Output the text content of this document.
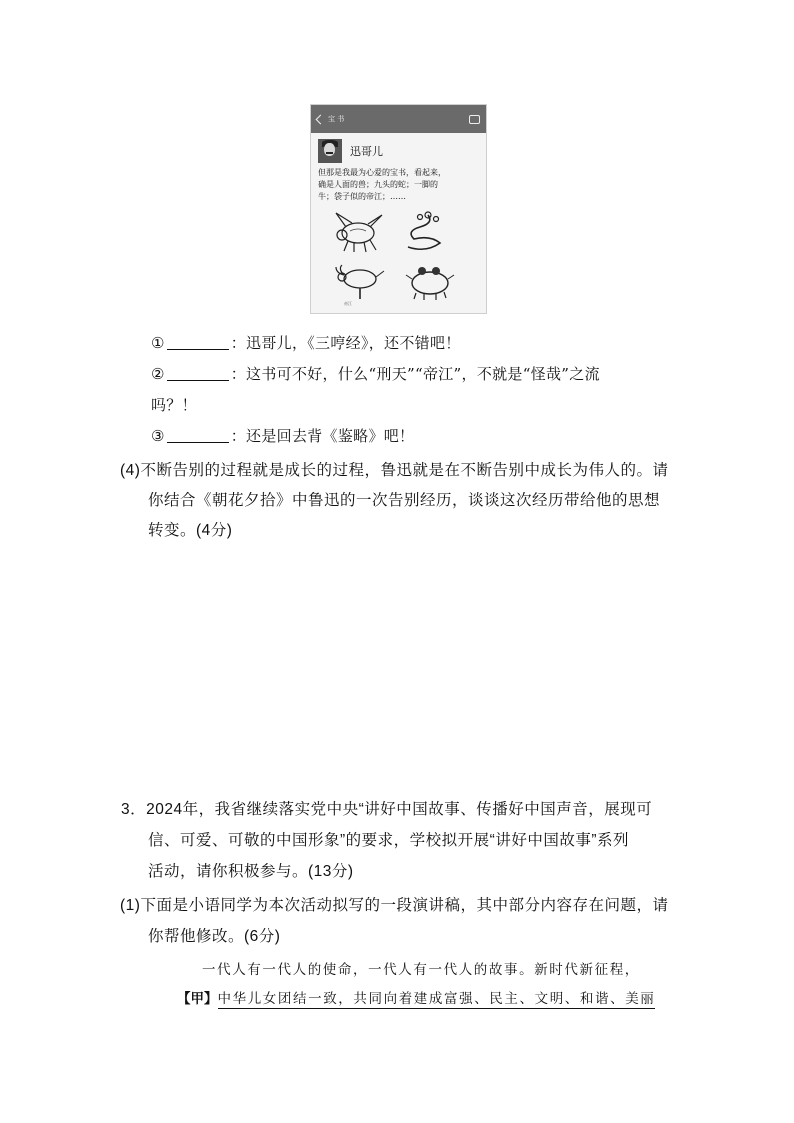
宝 书
迅哥儿
但那是我最为心爱的宝书，看起来，
确是人面的兽；九头的蛇；一脚的
牛；袋子似的帝江；……
帝江
①	：迅哥儿，《三哼经》，还不错吧！
②	：这书可不好，什么“刑天”“帝江”，不就是“怪哉”之流
吗？！
③	：还是回去背《鉴略》吧！
(4)不断告别的过程就是成长的过程，鲁迅就是在不断告别中成长为伟人的。请
你结合《朝花夕拾》中鲁迅的一次告别经历，谈谈这次经历带给他的思想
转变。(4分)
3．2024年，我省继续落实党中央“讲好中国故事、传播好中国声音，展现可
信、可爱、可敬的中国形象”的要求，学校拟开展“讲好中国故事”系列
活动，请你积极参与。(13分)
(1)下面是小语同学为本次活动拟写的一段演讲稿，其中部分内容存在问题，请
你帮他修改。(6分)
一代人有一代人的使命，一代人有一代人的故事。新时代新征程，
【甲】中华儿女团结一致，共同向着建成富强、民主、文明、和谐、美丽
